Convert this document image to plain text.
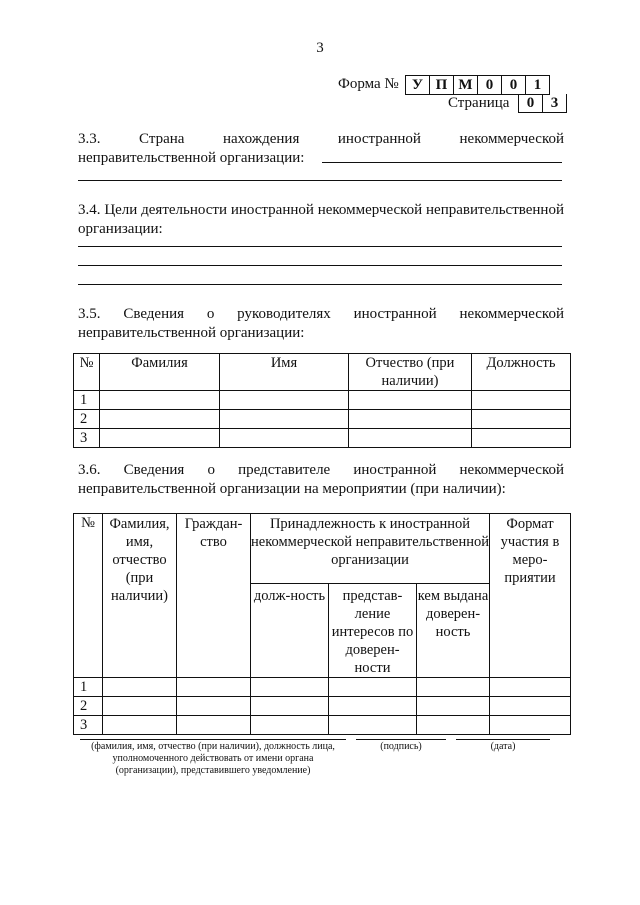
3
Форма № У П М 0	0	1
Страница	0	3
3.3. Страна нахождения иностранной некоммерческой
неправительственной организации:
3.4. Цели деятельности иностранной некоммерческой неправительственной
организации:
3.5. Сведения о руководителях иностранной некоммерческой
неправительственной организации:
№	Фамилия	Имя	Отчество (при наличии)	Должность
1				
2				
3				
3.6. Сведения о представителе иностранной некоммерческой
неправительственной организации на мероприятии (при наличии):
№	Фамилия, имя, отчество (при наличии)	Граждан-ство	Принадлежность к иностранной некоммерческой неправительственной организации			Формат участия в меро-приятии
			долж-ность	представ-ление интересов по доверен-ности	кем выдана доверен-ность	
1						
2						
3						
(фамилия, имя, отчество (при наличии), должность лица, уполномоченного действовать от имени органа (организации), представившего уведомление)
(подпись)	(дата)
